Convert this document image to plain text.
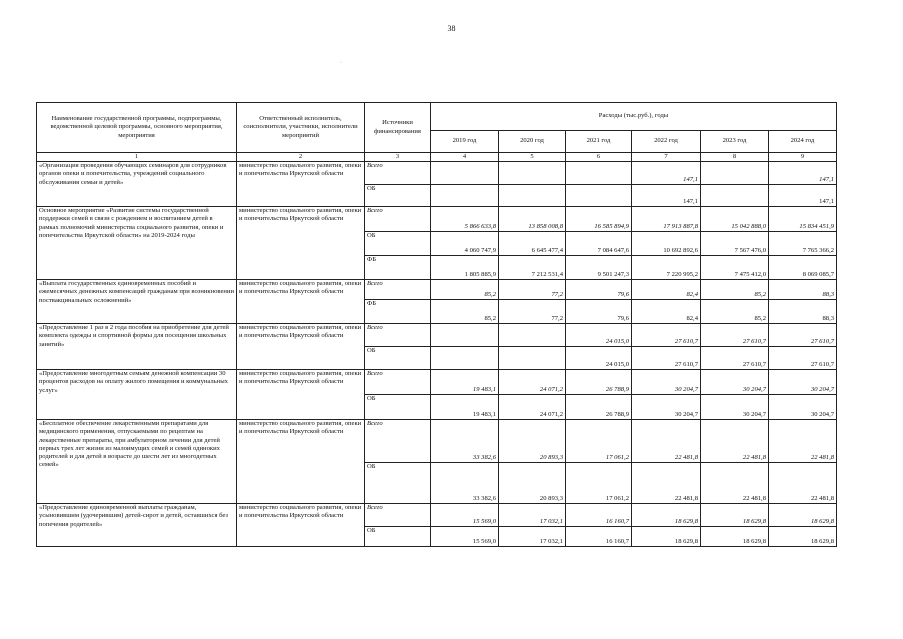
38
·
Наименование государственной программы, подпрограммы, ведомственной целевой программы, основного мероприятия, мероприятия	Ответственный исполнитель, соисполнители, участники, исполнители мероприятий	Источники финансирования	Расходы (тыс.руб.), годы					
			2019 год	2020 год	2021 год	2022 год	2023 год	2024 год
1	2	3	4	5	6	7	8	9
«Организация проведения обучающих семинаров для сотрудников органов опеки и попечительства, учреждений социального обслуживания семьи и детей»	министерство социального развития, опеки и попечительства Иркутской области	Всего				147,1		147,1
		ОБ				147,1		147,1
Основное мероприятие «Развитие системы государственной поддержки семей в связи с рождением и воспитанием детей в рамках полномочий министерства социального развития, опеки и попечительства Иркутской области» на 2019-2024 годы	министерство социального развития, опеки и попечительства Иркутской области	Всего	5 866 633,8	13 858 008,8	16 585 894,9	17 913 887,8	15 042 888,0	15 834 451,9
		ОБ	4 060 747,9	6 645 477,4	7 084 647,6	10 692 892,6	7 567 476,0	7 765 366,2
		ФБ	1 805 885,9	7 212 531,4	9 501 247,3	7 220 995,2	7 475 412,0	8 069 085,7
«Выплата государственных единовременных пособий и ежемесячных денежных компенсаций гражданам при возникновении поствакцинальных осложнений»	министерство социального развития, опеки и попечительства Иркутской области	Всего	85,2	77,2	79,6	82,4	85,2	88,3
		ФБ	85,2	77,2	79,6	82,4	85,2	88,3
«Предоставление 1 раз в 2 года пособия на приобретение для детей комплекта одежды и спортивной формы для посещения школьных занятий»	министерство социального развития, опеки и попечительства Иркутской области	Всего			24 015,0	27 610,7	27 610,7	27 610,7
		ОБ			24 015,0	27 610,7	27 610,7	27 610,7
«Предоставление многодетным семьям денежной компенсации 30 процентов расходов на оплату жилого помещения и коммунальных услуг»	министерство социального развития, опеки и попечительства Иркутской области	Всего	19 483,1	24 071,2	26 788,9	30 204,7	30 204,7	30 204,7
		ОБ	19 483,1	24 071,2	26 788,9	30 204,7	30 204,7	30 204,7
«Бесплатное обеспечение лекарственными препаратами для медицинского применения, отпускаемыми по рецептам на лекарственные препараты, при амбулаторном лечении для детей первых трех лет жизни из малоимущих семей и семей одиноких родителей и для детей в возрасте до шести лет из многодетных семей»	министерство социального развития, опеки и попечительства Иркутской области	Всего	33 382,6	20 893,3	17 061,2	22 481,8	22 481,8	22 481,8
		ОБ	33 382,6	20 893,3	17 061,2	22 481,8	22 481,8	22 481,8
«Предоставление единовременной выплаты гражданам, усыновившим (удочерившим) детей-сирот и детей, оставшихся без попечения родителей»	министерство социального развития, опеки и попечительства Иркутской области	Всего	15 569,0	17 032,1	16 160,7	18 629,8	18 629,8	18 629,8
		ОБ	15 569,0	17 032,1	16 160,7	18 629,8	18 629,8	18 629,8
